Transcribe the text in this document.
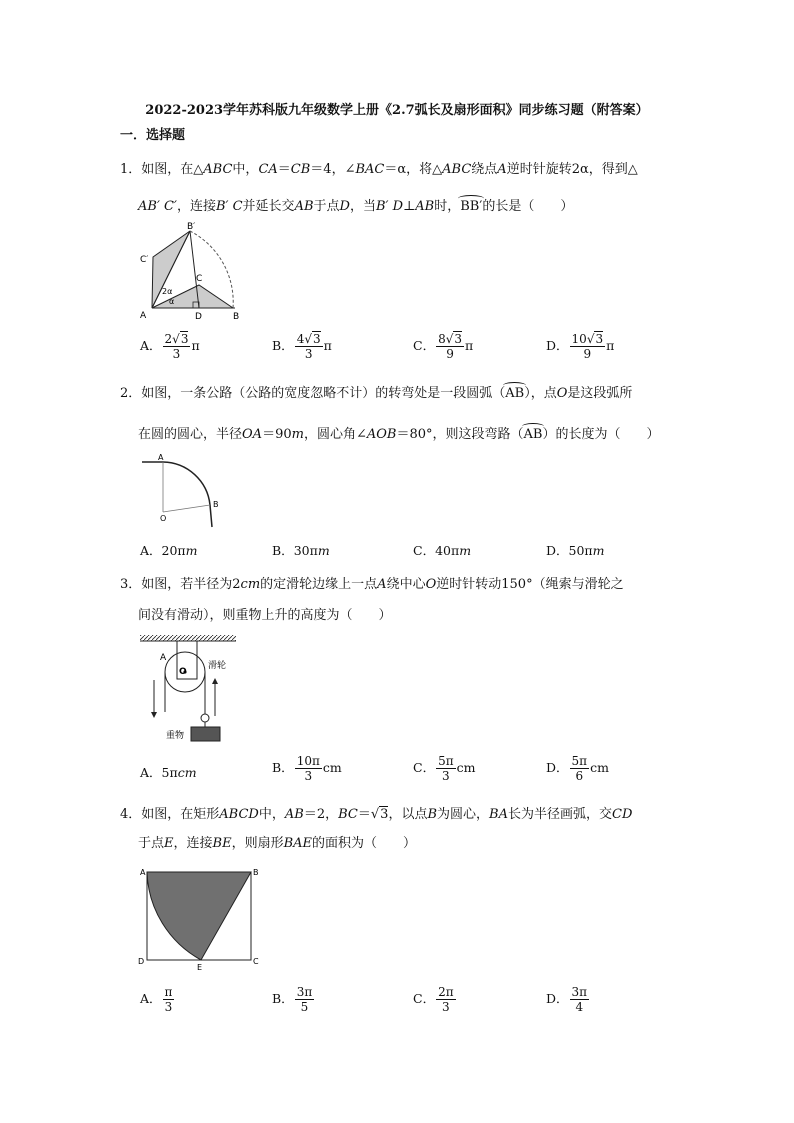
2022-2023学年苏科版九年级数学上册《2.7弧长及扇形面积》同步练习题（附答案）
一．选择题
1．如图，在△ABC中，CA＝CB＝4，∠BAC＝α，将△ABC绕点A逆时针旋转2α，得到△
AB′ C′，连接B′ C并延长交AB于点D，当B′ D⊥AB时，BB′的长是（　　）
C′
B′
C
A	D	B
2α
α
A． $\frac{2√3}{3}$ π	B． $\frac{4√3}{3}$ π	C． $\frac{8√3}{9}$ π	D． $\frac{10√3}{9}$ π
2．如图，一条公路（公路的宽度忽略不计）的转弯处是一段圆弧（AB），点O是这段弧所
在圆的圆心，半径OA＝90m，圆心角∠AOB＝80°，则这段弯路（AB）的长度为（　　）
A
B
O
A．20πm	B．30πm	C．40πm	D．50πm
3．如图，若半径为2cm的定滑轮边缘上一点A绕中心O逆时针转动150°（绳索与滑轮之
间没有滑动），则重物上升的高度为（　　）
A
O
滑轮
重物
A．5πcm	B． $\frac{10\pi}{3}$ cm	C． $\frac{5\pi}{3}$ cm	D． $\frac{5\pi}{6}$ cm
4．如图，在矩形ABCD中，AB＝2，BC＝√3，以点B为圆心，BA长为半径画弧，交CD
于点E，连接BE，则扇形BAE的面积为（　　）
A	B
C
D
E
A． $\frac{\pi}{3}$	B． $\frac{3\pi}{5}$	C． $\frac{2\pi}{3}$	D． $\frac{3\pi}{4}$
